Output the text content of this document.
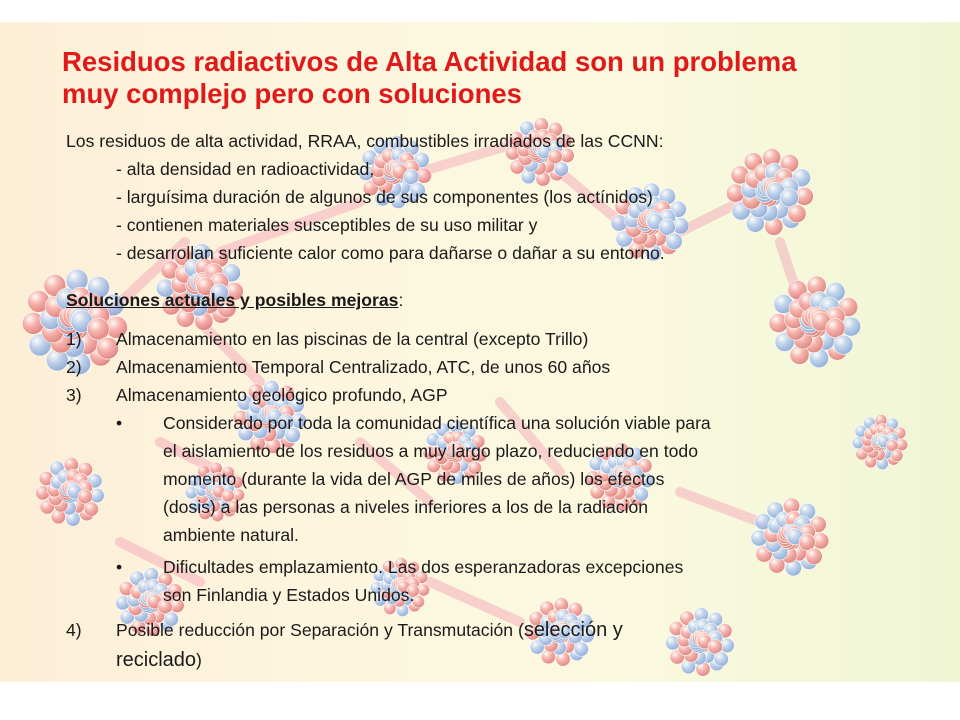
Residuos radiactivos de Alta Actividad son un problema
muy complejo pero con soluciones
Los residuos de alta actividad, RRAA, combustibles irradiados de las CCNN:
- alta densidad en radioactividad,
- larguísima duración de algunos de sus componentes (los actínidos)
- contienen materiales susceptibles de su uso militar y
- desarrollan suficiente calor como para dañarse o dañar a su entorno.
Soluciones actuales y posibles mejoras:
1) Almacenamiento en las piscinas de la central (excepto Trillo)
2) Almacenamiento Temporal Centralizado, ATC, de unos 60 años
3) Almacenamiento geológico profundo, AGP
• Considerado por toda la comunidad científica una solución viable para
el aislamiento de los residuos a muy largo plazo, reduciendo en todo
momento (durante la vida del AGP de miles de años) los efectos
(dosis) a las personas a niveles inferiores a los de la radiación
ambiente natural.
• Dificultades emplazamiento. Las dos esperanzadoras excepciones
son Finlandia y Estados Unidos.
4) Posible reducción por Separación y Transmutación (selección y
reciclado)
